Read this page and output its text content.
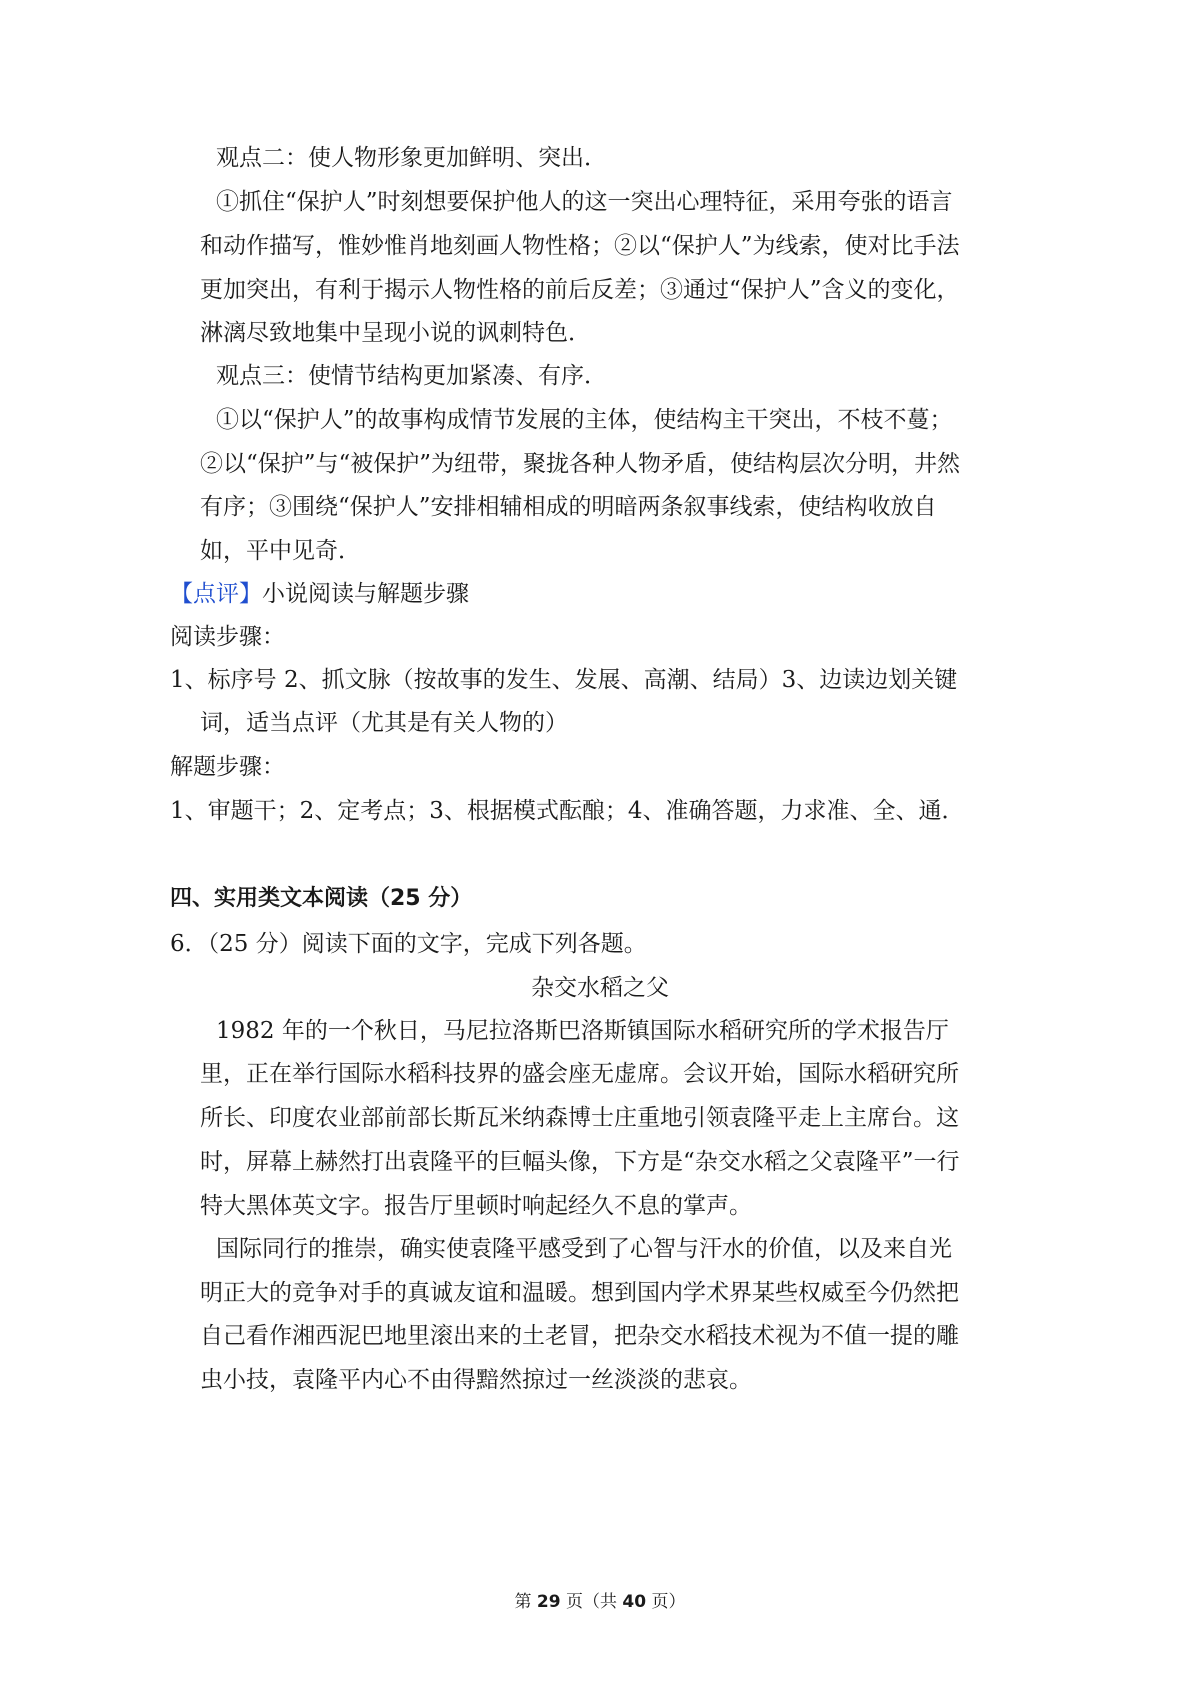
观点二：使人物形象更加鲜明、突出．
①抓住“保护人”时刻想要保护他人的这一突出心理特征，采用夸张的语言
和动作描写，惟妙惟肖地刻画人物性格；②以“保护人”为线索，使对比手法
更加突出，有利于揭示人物性格的前后反差；③通过“保护人”含义的变化，
淋漓尽致地集中呈现小说的讽刺特色．
观点三：使情节结构更加紧凑、有序．
①以“保护人”的故事构成情节发展的主体，使结构主干突出，不枝不蔓；
②以“保护”与“被保护”为纽带，聚拢各种人物矛盾，使结构层次分明，井然
有序；③围绕“保护人”安排相辅相成的明暗两条叙事线索，使结构收放自
如，平中见奇．
【点评】小说阅读与解题步骤
阅读步骤：
1、标序号 2、抓文脉（按故事的发生、发展、高潮、结局）3、边读边划关键
词，适当点评（尤其是有关人物的）
解题步骤：
1、审题干；2、定考点；3、根据模式酝酿；4、准确答题，力求准、全、通．
四、实用类文本阅读（25 分）
6．（25 分）阅读下面的文字，完成下列各题。
杂交水稻之父
1982 年的一个秋日，马尼拉洛斯巴洛斯镇国际水稻研究所的学术报告厅
里，正在举行国际水稻科技界的盛会座无虚席。会议开始，国际水稻研究所
所长、印度农业部前部长斯瓦米纳森博士庄重地引领袁隆平走上主席台。这
时，屏幕上赫然打出袁隆平的巨幅头像，下方是“杂交水稻之父袁隆平”一行
特大黑体英文字。报告厅里顿时响起经久不息的掌声。
国际同行的推崇，确实使袁隆平感受到了心智与汗水的价值，以及来自光
明正大的竞争对手的真诚友谊和温暖。想到国内学术界某些权威至今仍然把
自己看作湘西泥巴地里滚出来的土老冒，把杂交水稻技术视为不值一提的雕
虫小技，袁隆平内心不由得黯然掠过一丝淡淡的悲哀。
第 29 页（共 40 页）
